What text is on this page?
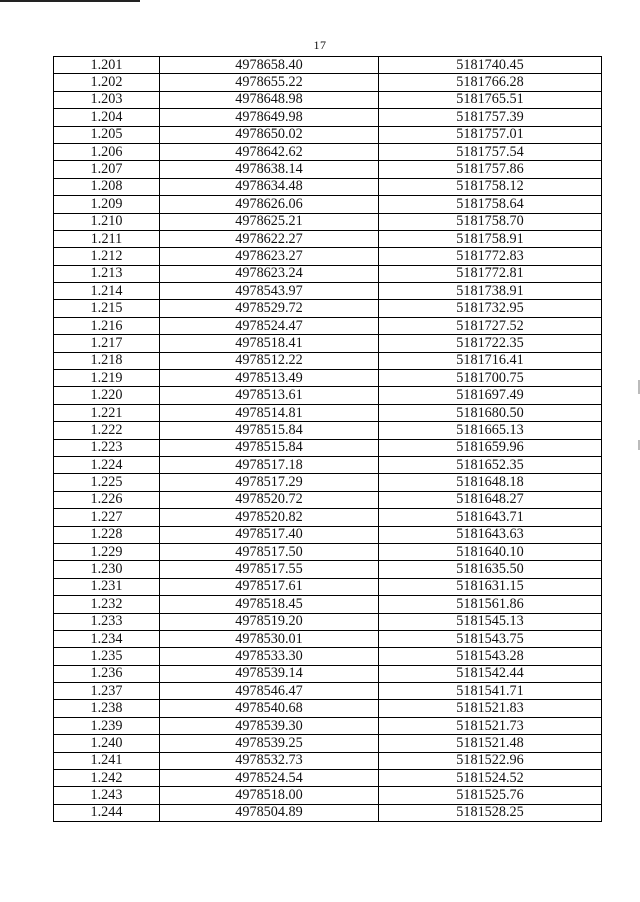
17
1.201	4978658.40	5181740.45
1.202	4978655.22	5181766.28
1.203	4978648.98	5181765.51
1.204	4978649.98	5181757.39
1.205	4978650.02	5181757.01
1.206	4978642.62	5181757.54
1.207	4978638.14	5181757.86
1.208	4978634.48	5181758.12
1.209	4978626.06	5181758.64
1.210	4978625.21	5181758.70
1.211	4978622.27	5181758.91
1.212	4978623.27	5181772.83
1.213	4978623.24	5181772.81
1.214	4978543.97	5181738.91
1.215	4978529.72	5181732.95
1.216	4978524.47	5181727.52
1.217	4978518.41	5181722.35
1.218	4978512.22	5181716.41
1.219	4978513.49	5181700.75
1.220	4978513.61	5181697.49
1.221	4978514.81	5181680.50
1.222	4978515.84	5181665.13
1.223	4978515.84	5181659.96
1.224	4978517.18	5181652.35
1.225	4978517.29	5181648.18
1.226	4978520.72	5181648.27
1.227	4978520.82	5181643.71
1.228	4978517.40	5181643.63
1.229	4978517.50	5181640.10
1.230	4978517.55	5181635.50
1.231	4978517.61	5181631.15
1.232	4978518.45	5181561.86
1.233	4978519.20	5181545.13
1.234	4978530.01	5181543.75
1.235	4978533.30	5181543.28
1.236	4978539.14	5181542.44
1.237	4978546.47	5181541.71
1.238	4978540.68	5181521.83
1.239	4978539.30	5181521.73
1.240	4978539.25	5181521.48
1.241	4978532.73	5181522.96
1.242	4978524.54	5181524.52
1.243	4978518.00	5181525.76
1.244	4978504.89	5181528.25
